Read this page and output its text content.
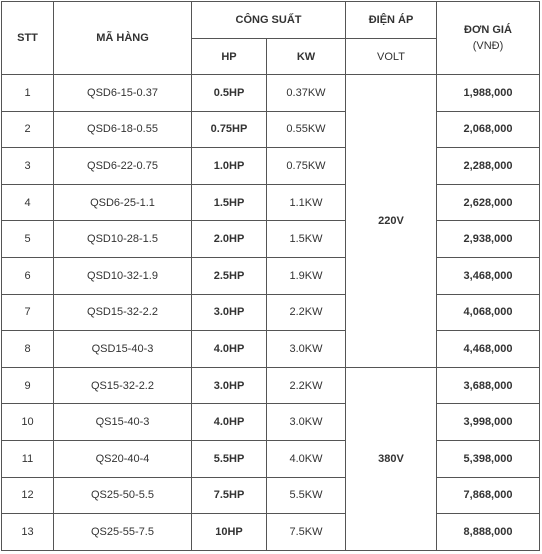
STT	MÃ HÀNG	CÔNG SUẤT		ĐIỆN ÁP	ĐƠN GIÁ
(VNĐ)

		HP	KW	VOLT	
1	QSD6-15-0.37	0.5HP	0.37KW	220V	1,988,000
2	QSD6-18-0.55	0.75HP	0.55KW		2,068,000
3	QSD6-22-0.75	1.0HP	0.75KW		2,288,000
4	QSD6-25-1.1	1.5HP	1.1KW		2,628,000
5	QSD10-28-1.5	2.0HP	1.5KW		2,938,000
6	QSD10-32-1.9	2.5HP	1.9KW		3,468,000
7	QSD15-32-2.2	3.0HP	2.2KW		4,068,000
8	QSD15-40-3	4.0HP	3.0KW		4,468,000
9	QS15-32-2.2	3.0HP	2.2KW	380V	3,688,000
10	QS15-40-3	4.0HP	3.0KW		3,998,000
11	QS20-40-4	5.5HP	4.0KW		5,398,000
12	QS25-50-5.5	7.5HP	5.5KW		7,868,000
13	QS25-55-7.5	10HP	7.5KW		8,888,000
